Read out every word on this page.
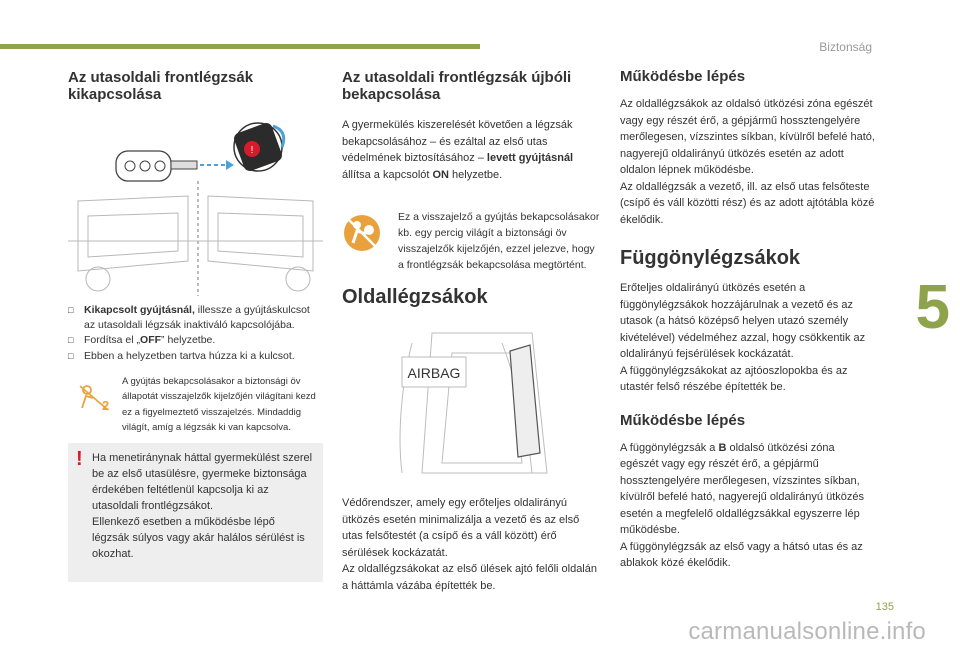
Biztonság
5
Az utasoldali frontlégzsák kikapcsolása
!
□ Kikapcsolt gyújtásnál, illessze a gyújtáskulcsot az utasoldali légzsák inaktiváló kapcsolójába.
□ Fordítsa el „OFF” helyzetbe.
□ Ebben a helyzetben tartva húzza ki a kulcsot.
2
A gyújtás bekapcsolásakor a biztonsági öv állapotát visszajelzők kijelzőjén világítani kezd ez a figyelmeztető visszajelzés. Mindaddig világít, amíg a légzsák ki van kapcsolva.
! Ha menetiránynak háttal gyermekülést szerel be az első utasülésre, gyermeke biztonsága érdekében feltétlenül kapcsolja ki az utasoldali frontlégzsákot.
Ellenkező esetben a működésbe lépő légzsák súlyos vagy akár halálos sérülést is okozhat.
Az utasoldali frontlégzsák újbóli bekapcsolása
A gyermekülés kiszerelését követően a légzsák bekapcsolásához – és ezáltal az első utas védelmének biztosításához – levett gyújtásnál állítsa a kapcsolót ON helyzetbe.
Ez a visszajelző a gyújtás bekapcsolásakor kb. egy percig világít a biztonsági öv visszajelzők kijelzőjén, ezzel jelezve, hogy a frontlégzsák bekapcsolása megtörtént.
Oldallégzsákok
AIRBAG
Védőrendszer, amely egy erőteljes oldalirányú ütközés esetén minimalizálja a vezető és az első utas felsőtestét (a csípő és a váll között) érő sérülések kockázatát.
Az oldallégzsákokat az első ülések ajtó felőli oldalán a háttámla vázába építették be.
Működésbe lépés
Az oldallégzsákok az oldalsó ütközési zóna egészét vagy egy részét érő, a gépjármű hossztengelyére merőlegesen, vízszintes síkban, kívülről befelé ható, nagyerejű oldalirányú ütközés esetén az adott oldalon lépnek működésbe.
Az oldallégzsák a vezető, ill. az első utas felsőteste (csípő és váll közötti rész) és az adott ajtótábla közé ékelődik.
Függönylégzsákok
Erőteljes oldalirányú ütközés esetén a függönylégzsákok hozzájárulnak a vezető és az utasok (a hátsó középső helyen utazó személy kivételével) védelméhez azzal, hogy csökkentik az oldalirányú fejsérülések kockázatát.
A függönylégzsákokat az ajtóoszlopokba és az utastér felső részébe építették be.
Működésbe lépés
A függönylégzsák a B oldalsó ütközési zóna egészét vagy egy részét érő, a gépjármű hossztengelyére merőlegesen, vízszintes síkban, kívülről befelé ható, nagyerejű oldalirányú ütközés esetén a megfelelő oldallégzsákkal egyszerre lép működésbe.
A függönylégzsák az első vagy a hátsó utas és az ablakok közé ékelődik.
135
carmanualsonline.info
